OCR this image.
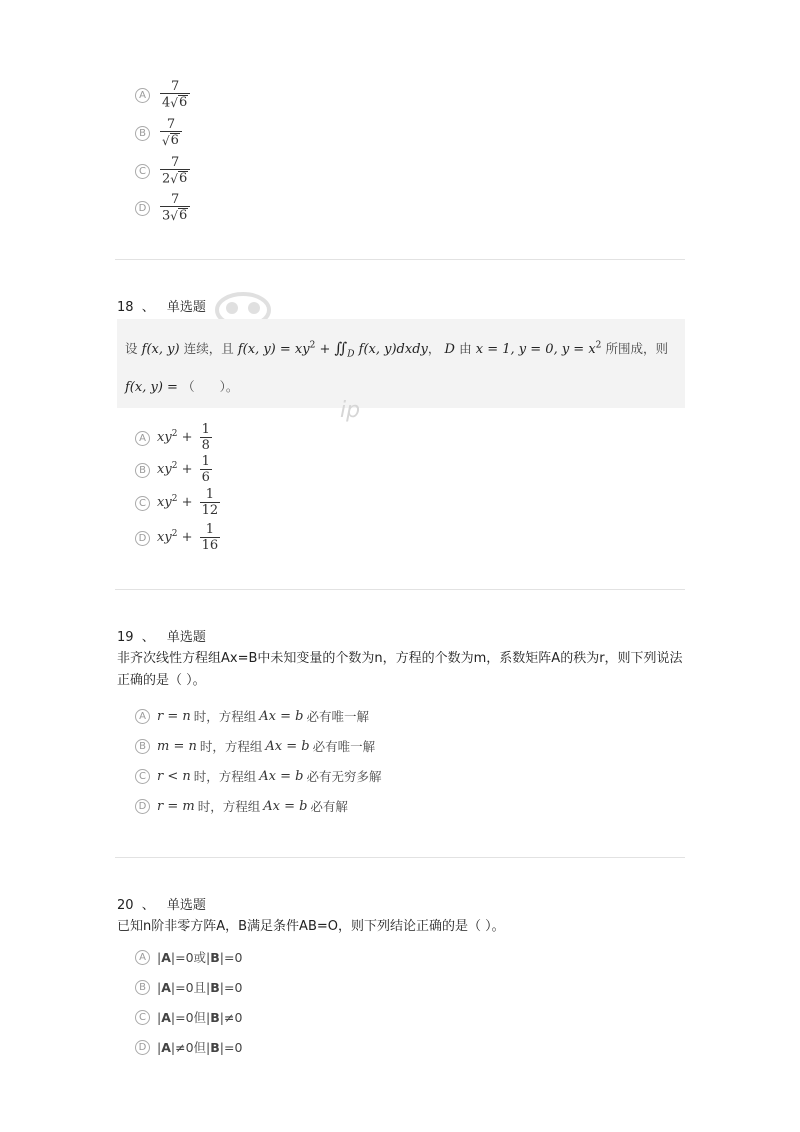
A	$\frac{7}{4 √ 6}$
B	$\frac{7}{√ 6}$
C	$\frac{7}{2 √ 6}$
D $\frac{7}{3 √ 6}$
18 、 单选题
设 f(x, y) 连续，且 f(x, $y) = xy^2$ + $∬_D$ f(x, y)dxdy， D 由 x = 1, y = 0, $y = x^2$ 所围成，则
f(x, y) = （　　）。
ip
A $xy^2 + \frac{1}{8}$
B $xy^2 + \frac{1}{6}$
C $xy^2 + \frac{1}{12}$
D $xy^2 + \frac{1}{16}$
19 、 单选题
非齐次线性方程组Ax=B中未知变量的个数为n，方程的个数为m，系数矩阵A的秩为r，则下列说法正确的是（ ）。
A r = n 时，方程组 Ax = b 必有唯一解
B m = n 时，方程组 Ax = b 必有唯一解
C r < n 时，方程组 Ax = b 必有无穷多解
D r = m 时，方程组 Ax = b 必有解
20 、 单选题
已知n阶非零方阵A，B满足条件AB=O，则下列结论正确的是（ ）。
A |A|=0或|B|=0
B |A|=0且|B|=0
C |A|=0但|B|≠0
D |A|≠0但|B|=0
